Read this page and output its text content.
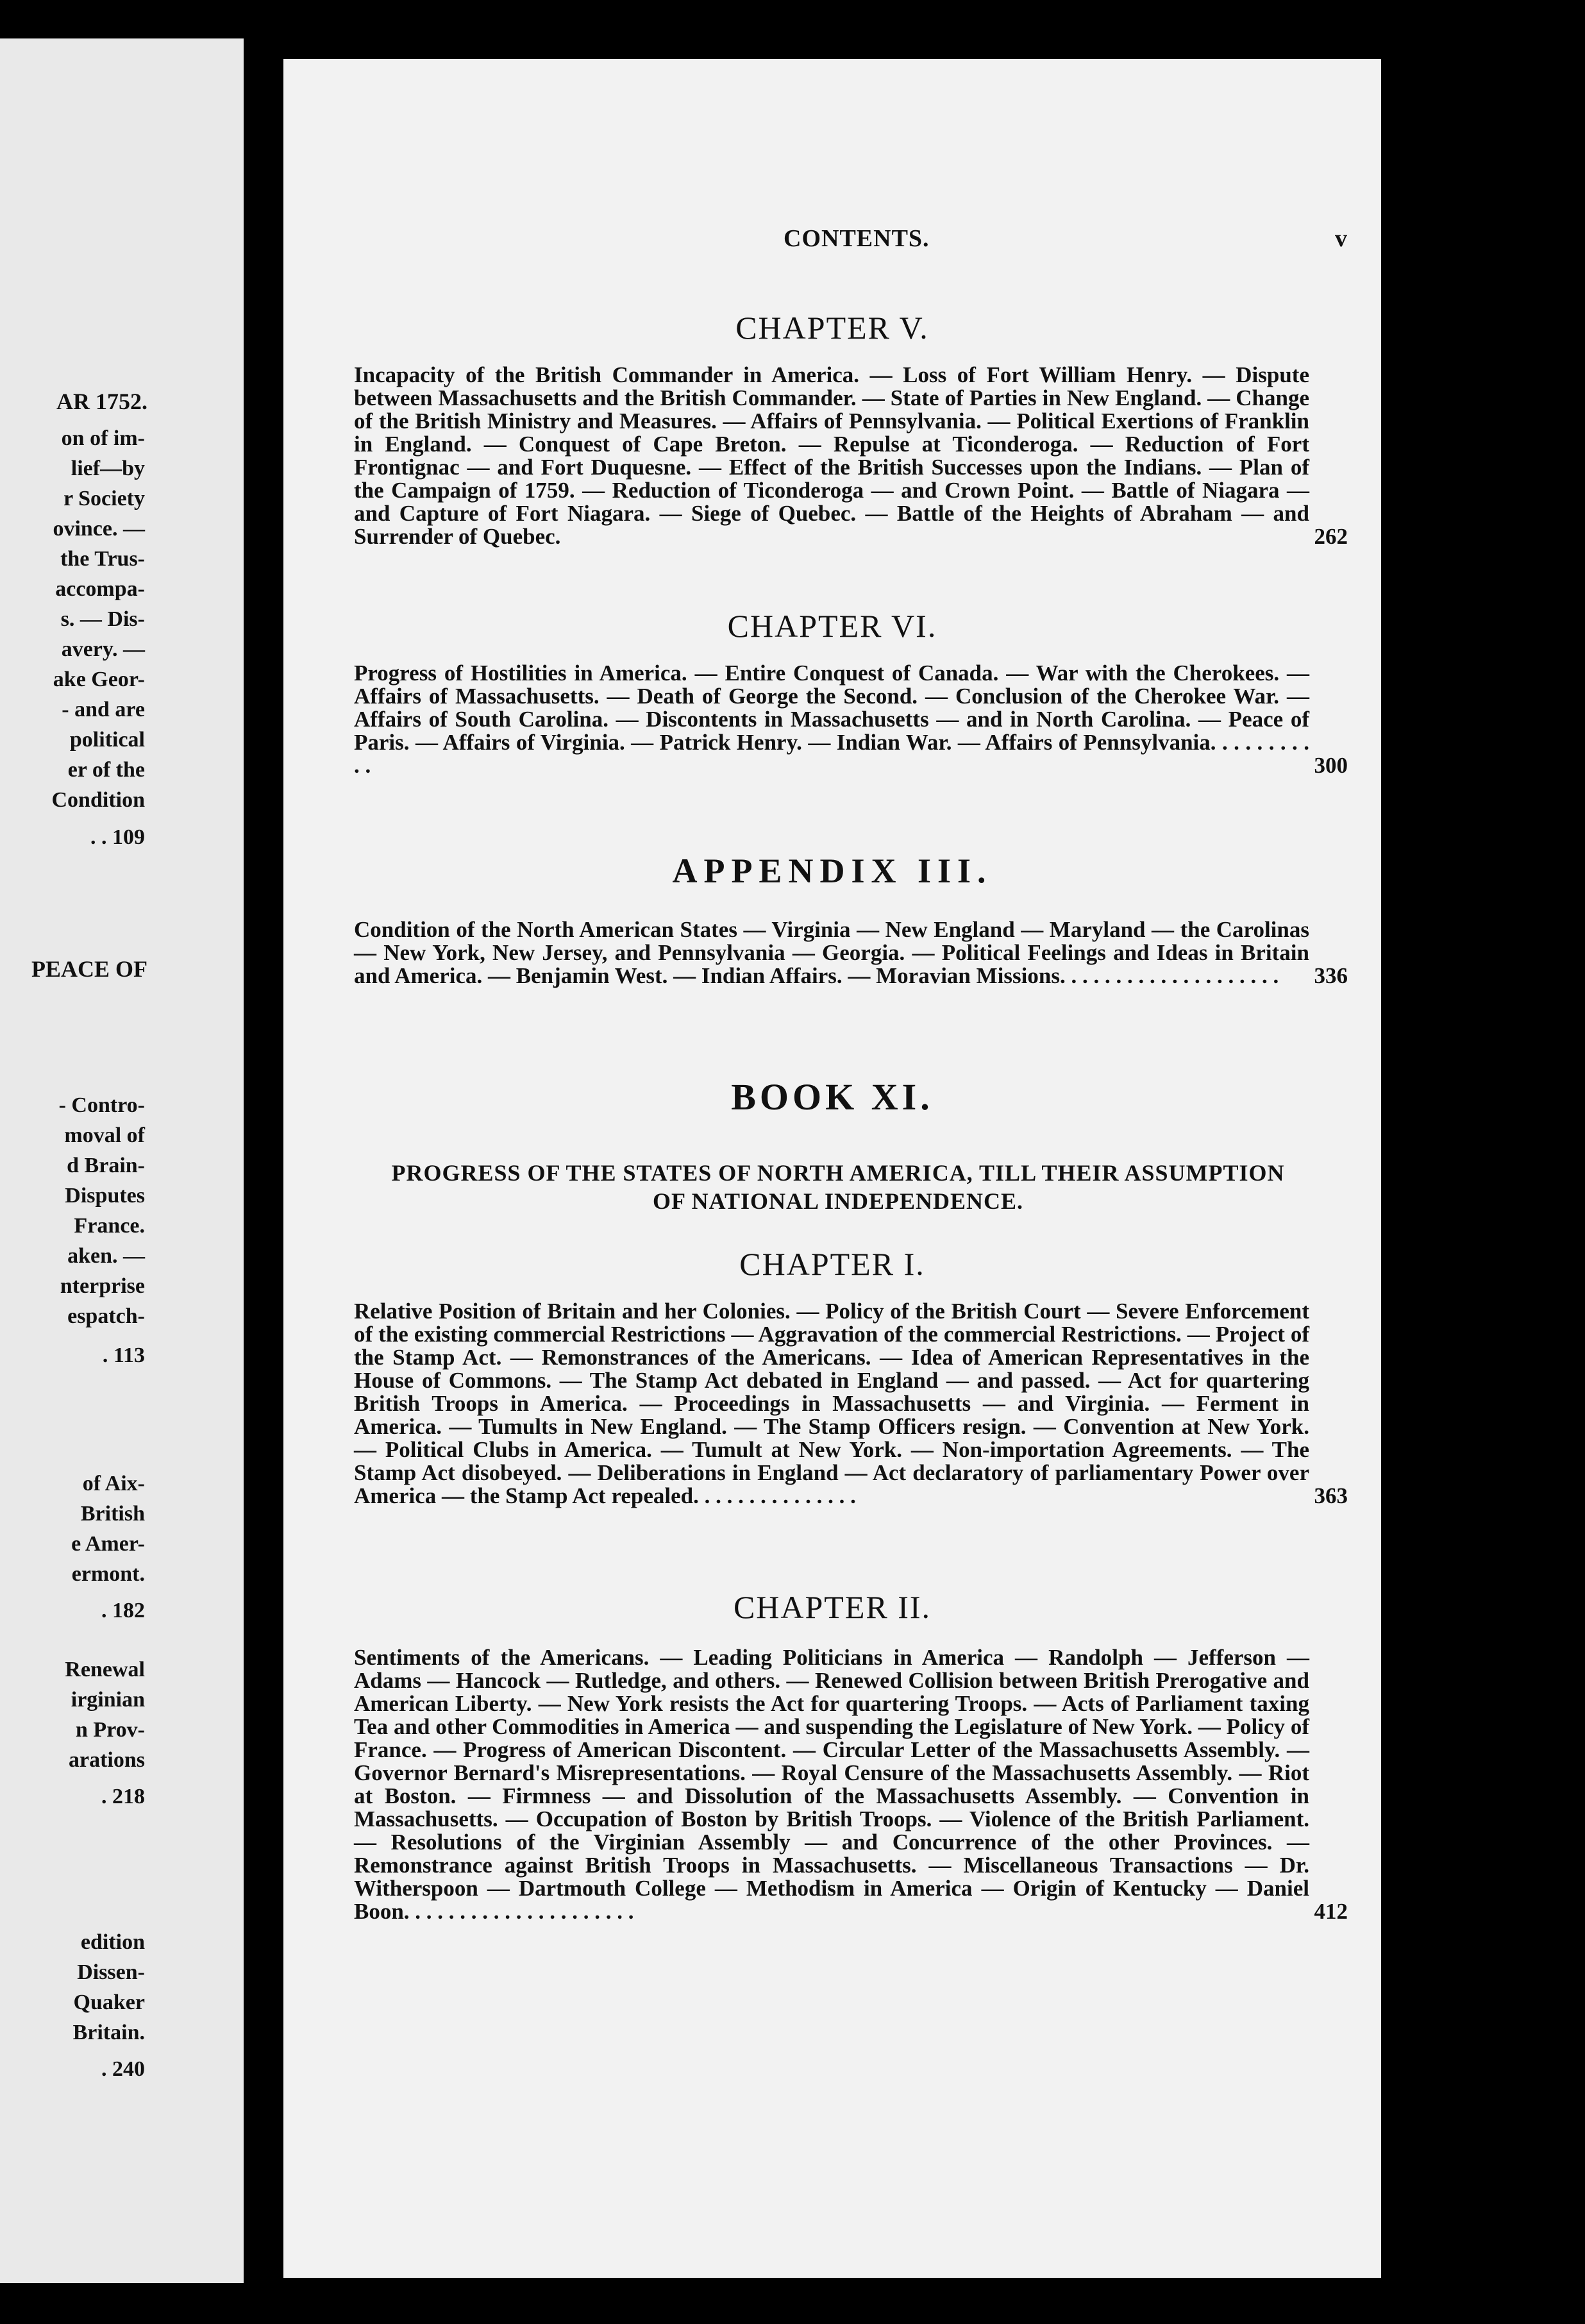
AR 1752.
on of im-
lief—by
r Society
ovince. —
the Trus-
accompa-
s. — Dis-
avery. —
ake Geor-
- and are
political
er of the
Condition
. . 109
PEACE OF
- Contro-
moval of
d Brain-
Disputes
France.
aken. —
nterprise
espatch-
. 113
of Aix-
British
e Amer-
ermont.
. 182
Renewal
irginian
n Prov-
arations
. 218
edition
Dissen-
Quaker
Britain.
. 240
CONTENTS.	v
CHAPTER V.
Incapacity of the British Commander in America. — Loss of Fort William Henry. — Dispute between Massachusetts and the British Commander. — State of Parties in New England. — Change of the British Ministry and Measures. — Affairs of Pennsylvania. — Political Exertions of Franklin in England. — Conquest of Cape Breton. — Repulse at Ticonderoga. — Reduction of Fort Frontignac — and Fort Duquesne. — Effect of the British Successes upon the Indians. — Plan of the Campaign of 1759. — Reduction of Ticonderoga — and Crown Point. — Battle of Niagara — and Capture of Fort Niagara. — Siege of Quebec. — Battle of the Heights of Abraham — and Surrender of Quebec.	262
CHAPTER VI.
Progress of Hostilities in America. — Entire Conquest of Canada. — War with the Cherokees. — Affairs of Massachusetts. — Death of George the Second. — Conclusion of the Cherokee War. — Affairs of South Carolina. — Discontents in Massachusetts — and in North Carolina. — Peace of Paris. — Affairs of Virginia. — Patrick Henry. — Indian War. — Affairs of Pennsylvania. . . . . . . . . . .	300
APPENDIX III.
Condition of the North American States — Virginia — New England — Maryland — the Carolinas — New York, New Jersey, and Pennsylvania — Georgia. — Political Feelings and Ideas in Britain and America. — Benjamin West. — Indian Affairs. — Moravian Missions. . . . . . . . . . . . . . . . . . . . 336
BOOK XI.
PROGRESS OF THE STATES OF NORTH AMERICA, TILL THEIR ASSUMPTION OF NATIONAL INDEPENDENCE.
CHAPTER I.
Relative Position of Britain and her Colonies. — Policy of the British Court — Severe Enforcement of the existing commercial Restrictions — Aggravation of the commercial Restrictions. — Project of the Stamp Act. — Remonstrances of the Americans. — Idea of American Representatives in the House of Commons. — The Stamp Act debated in England — and passed. — Act for quartering British Troops in America. — Proceedings in Massachusetts — and Virginia. — Ferment in America. — Tumults in New England. — The Stamp Officers resign. — Convention at New York. — Political Clubs in America. — Tumult at New York. — Non-importation Agreements. — The Stamp Act disobeyed. — Deliberations in England — Act declaratory of parliamentary Power over America — the Stamp Act repealed. . . . . . . . . . . . . . .	363
CHAPTER II.
Sentiments of the Americans. — Leading Politicians in America — Randolph — Jefferson — Adams — Hancock — Rutledge, and others. — Renewed Collision between British Prerogative and American Liberty. — New York resists the Act for quartering Troops. — Acts of Parliament taxing Tea and other Commodities in America — and suspending the Legislature of New York. — Policy of France. — Progress of American Discontent. — Circular Letter of the Massachusetts Assembly. — Governor Bernard's Misrepresentations. — Royal Censure of the Massachusetts Assembly. — Riot at Boston. — Firmness — and Dissolution of the Massachusetts Assembly. — Convention in Massachusetts. — Occupation of Boston by British Troops. — Violence of the British Parliament. — Resolutions of the Virginian Assembly — and Concurrence of the other Provinces. — Remonstrance against British Troops in Massachusetts. — Miscellaneous Transactions — Dr. Witherspoon — Dartmouth College — Methodism in America — Origin of Kentucky — Daniel Boon. . . . . . . . . . . . . . . . . . . . .	412
